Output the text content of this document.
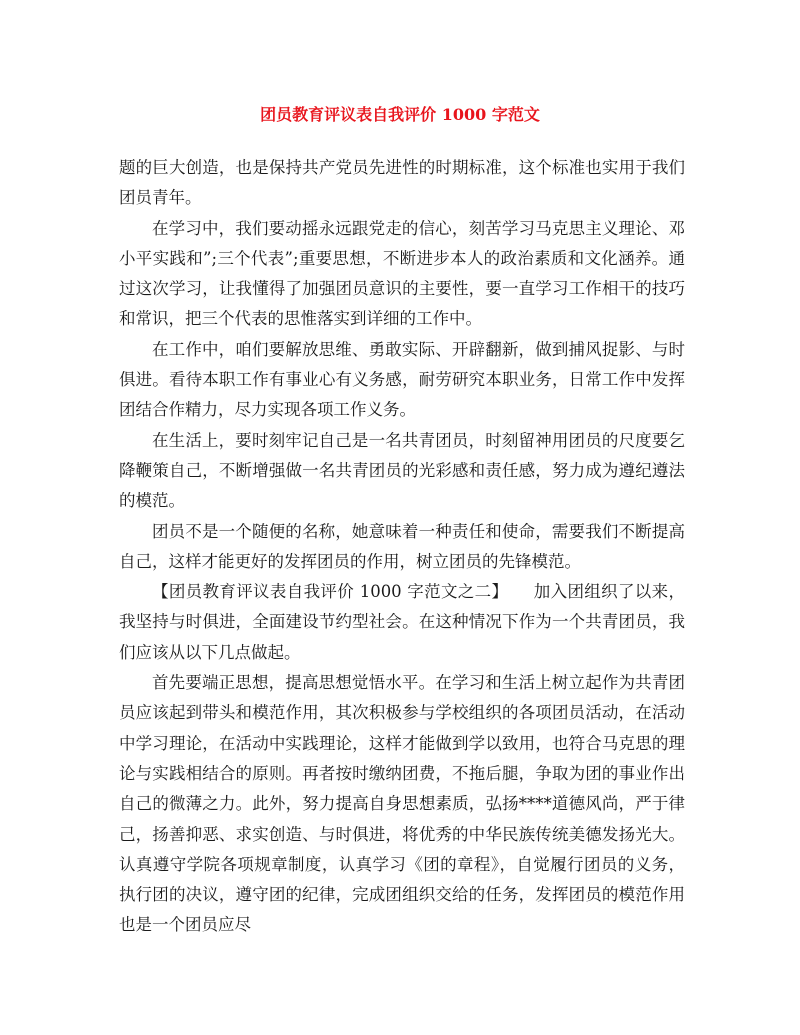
团员教育评议表自我评价 1000 字范文

题的巨大创造，也是保持共产党员先进性的时期标准，这个标准也实用于我们团员青年。

在学习中，我们要动摇永远跟党走的信心，刻苦学习马克思主义理论、邓小平实践和”;三个代表”;重要思想，不断进步本人的政治素质和文化涵养。通过这次学习，让我懂得了加强团员意识的主要性，要一直学习工作相干的技巧和常识，把三个代表的思惟落实到详细的工作中。

在工作中，咱们要解放思维、勇敢实际、开辟翻新，做到捕风捉影、与时俱进。看待本职工作有事业心有义务感，耐劳研究本职业务，日常工作中发挥团结合作精力，尽力实现各项工作义务。

在生活上，要时刻牢记自己是一名共青团员，时刻留神用团员的尺度要乞降鞭策自己，不断增强做一名共青团员的光彩感和责任感，努力成为遵纪遵法的模范。

团员不是一个随便的名称，她意味着一种责任和使命，需要我们不断提高自己，这样才能更好的发挥团员的作用，树立团员的先锋模范。

【团员教育评议表自我评价 1000 字范文之二】　　加入团组织了以来，我坚持与时俱进，全面建设节约型社会。在这种情况下作为一个共青团员，我们应该从以下几点做起。

首先要端正思想，提高思想觉悟水平。在学习和生活上树立起作为共青团员应该起到带头和模范作用，其次积极参与学校组织的各项团员活动，在活动中学习理论，在活动中实践理论，这样才能做到学以致用，也符合马克思的理论与实践相结合的原则。再者按时缴纳团费，不拖后腿，争取为团的事业作出自己的微薄之力。此外，努力提高自身思想素质，弘扬****道德风尚，严于律己，扬善抑恶、求实创造、与时俱进，将优秀的中华民族传统美德发扬光大。认真遵守学院各项规章制度，认真学习《团的章程》，自觉履行团员的义务，执行团的决议，遵守团的纪律，完成团组织交给的任务，发挥团员的模范作用也是一个团员应尽
